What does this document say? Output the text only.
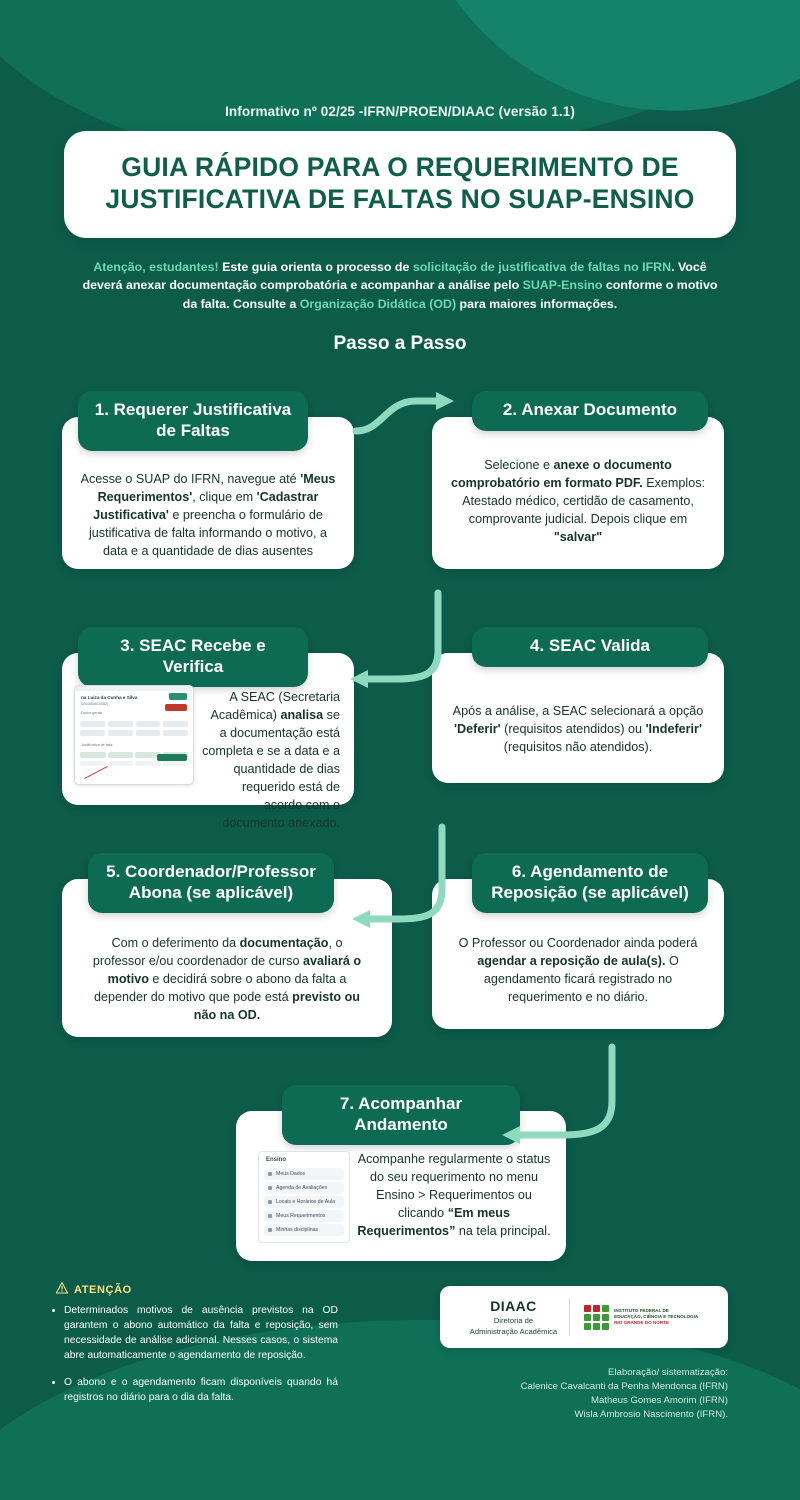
Informativo nº 02/25 -IFRN/PROEN/DIAAC (versão 1.1)
GUIA RÁPIDO PARA O REQUERIMENTO DE JUSTIFICATIVA DE FALTAS NO SUAP-ENSINO
Atenção, estudantes! Este guia orienta o processo de solicitação de justificativa de faltas no IFRN. Você deverá anexar documentação comprobatória e acompanhar a análise pelo SUAP-Ensino conforme o motivo da falta. Consulte a Organização Didática (OD) para maiores informações.
Passo a Passo
1. Requerer Justificativa de Faltas
Acesse o SUAP do IFRN, navegue até 'Meus Requerimentos', clique em 'Cadastrar Justificativa' e preencha o formulário de justificativa de falta informando o motivo, a data e a quantidade de dias ausentes
2. Anexar Documento
Selecione e anexe o documento comprobatório em formato PDF. Exemplos: Atestado médico, certidão de casamento, comprovante judicial. Depois clique em "salvar"
3. SEAC Recebe e Verifica
A SEAC (Secretaria Acadêmica) analisa se a documentação está completa e se a data e a quantidade de dias requerido está de acordo com o documento anexado.
na Luiza da Cunha e Silva
0251654610082)
Dados gerais
Justificativa de falta
4. SEAC Valida
Após a análise, a SEAC selecionará a opção 'Deferir' (requisitos atendidos) ou 'Indeferir' (requisitos não atendidos).
5. Coordenador/Professor Abona (se aplicável)
Com o deferimento da documentação, o professor e/ou coordenador de curso avaliará o motivo e decidirá sobre o abono da falta a depender do motivo que pode está previsto ou não na OD.
6. Agendamento de Reposição (se aplicável)
O Professor ou Coordenador ainda poderá agendar a reposição de aula(s). O agendamento ficará registrado no requerimento e no diário.
7. Acompanhar Andamento
Acompanhe regularmente o status do seu requerimento no menu Ensino > Requerimentos ou clicando “Em meus Requerimentos” na tela principal.
Ensino
Meus Dados
Agenda de Avaliações
Locais e Horários de Aula
Meus Requerimentos
Minhas disciplinas
ATENÇÃO
• Determinados motivos de ausência previstos na OD garantem o abono automático da falta e reposição, sem necessidade de análise adicional. Nesses casos, o sistema abre automaticamente o agendamento de reposição.
• O abono e o agendamento ficam disponíveis quando há registros no diário para o dia da falta.
DIAAC
Diretoria de
Administração Acadêmica
INSTITUTO FEDERAL DE
EDUCAÇÃO, CIÊNCIA E TECNOLOGIA
RIO GRANDE DO NORTE
Elaboração/ sistematização:
Calenice Cavalcanti da Penha Mendonca (IFRN)
Matheus Gomes Amorim (IFRN)
Wisla Ambrosio Nascimento (IFRN).
